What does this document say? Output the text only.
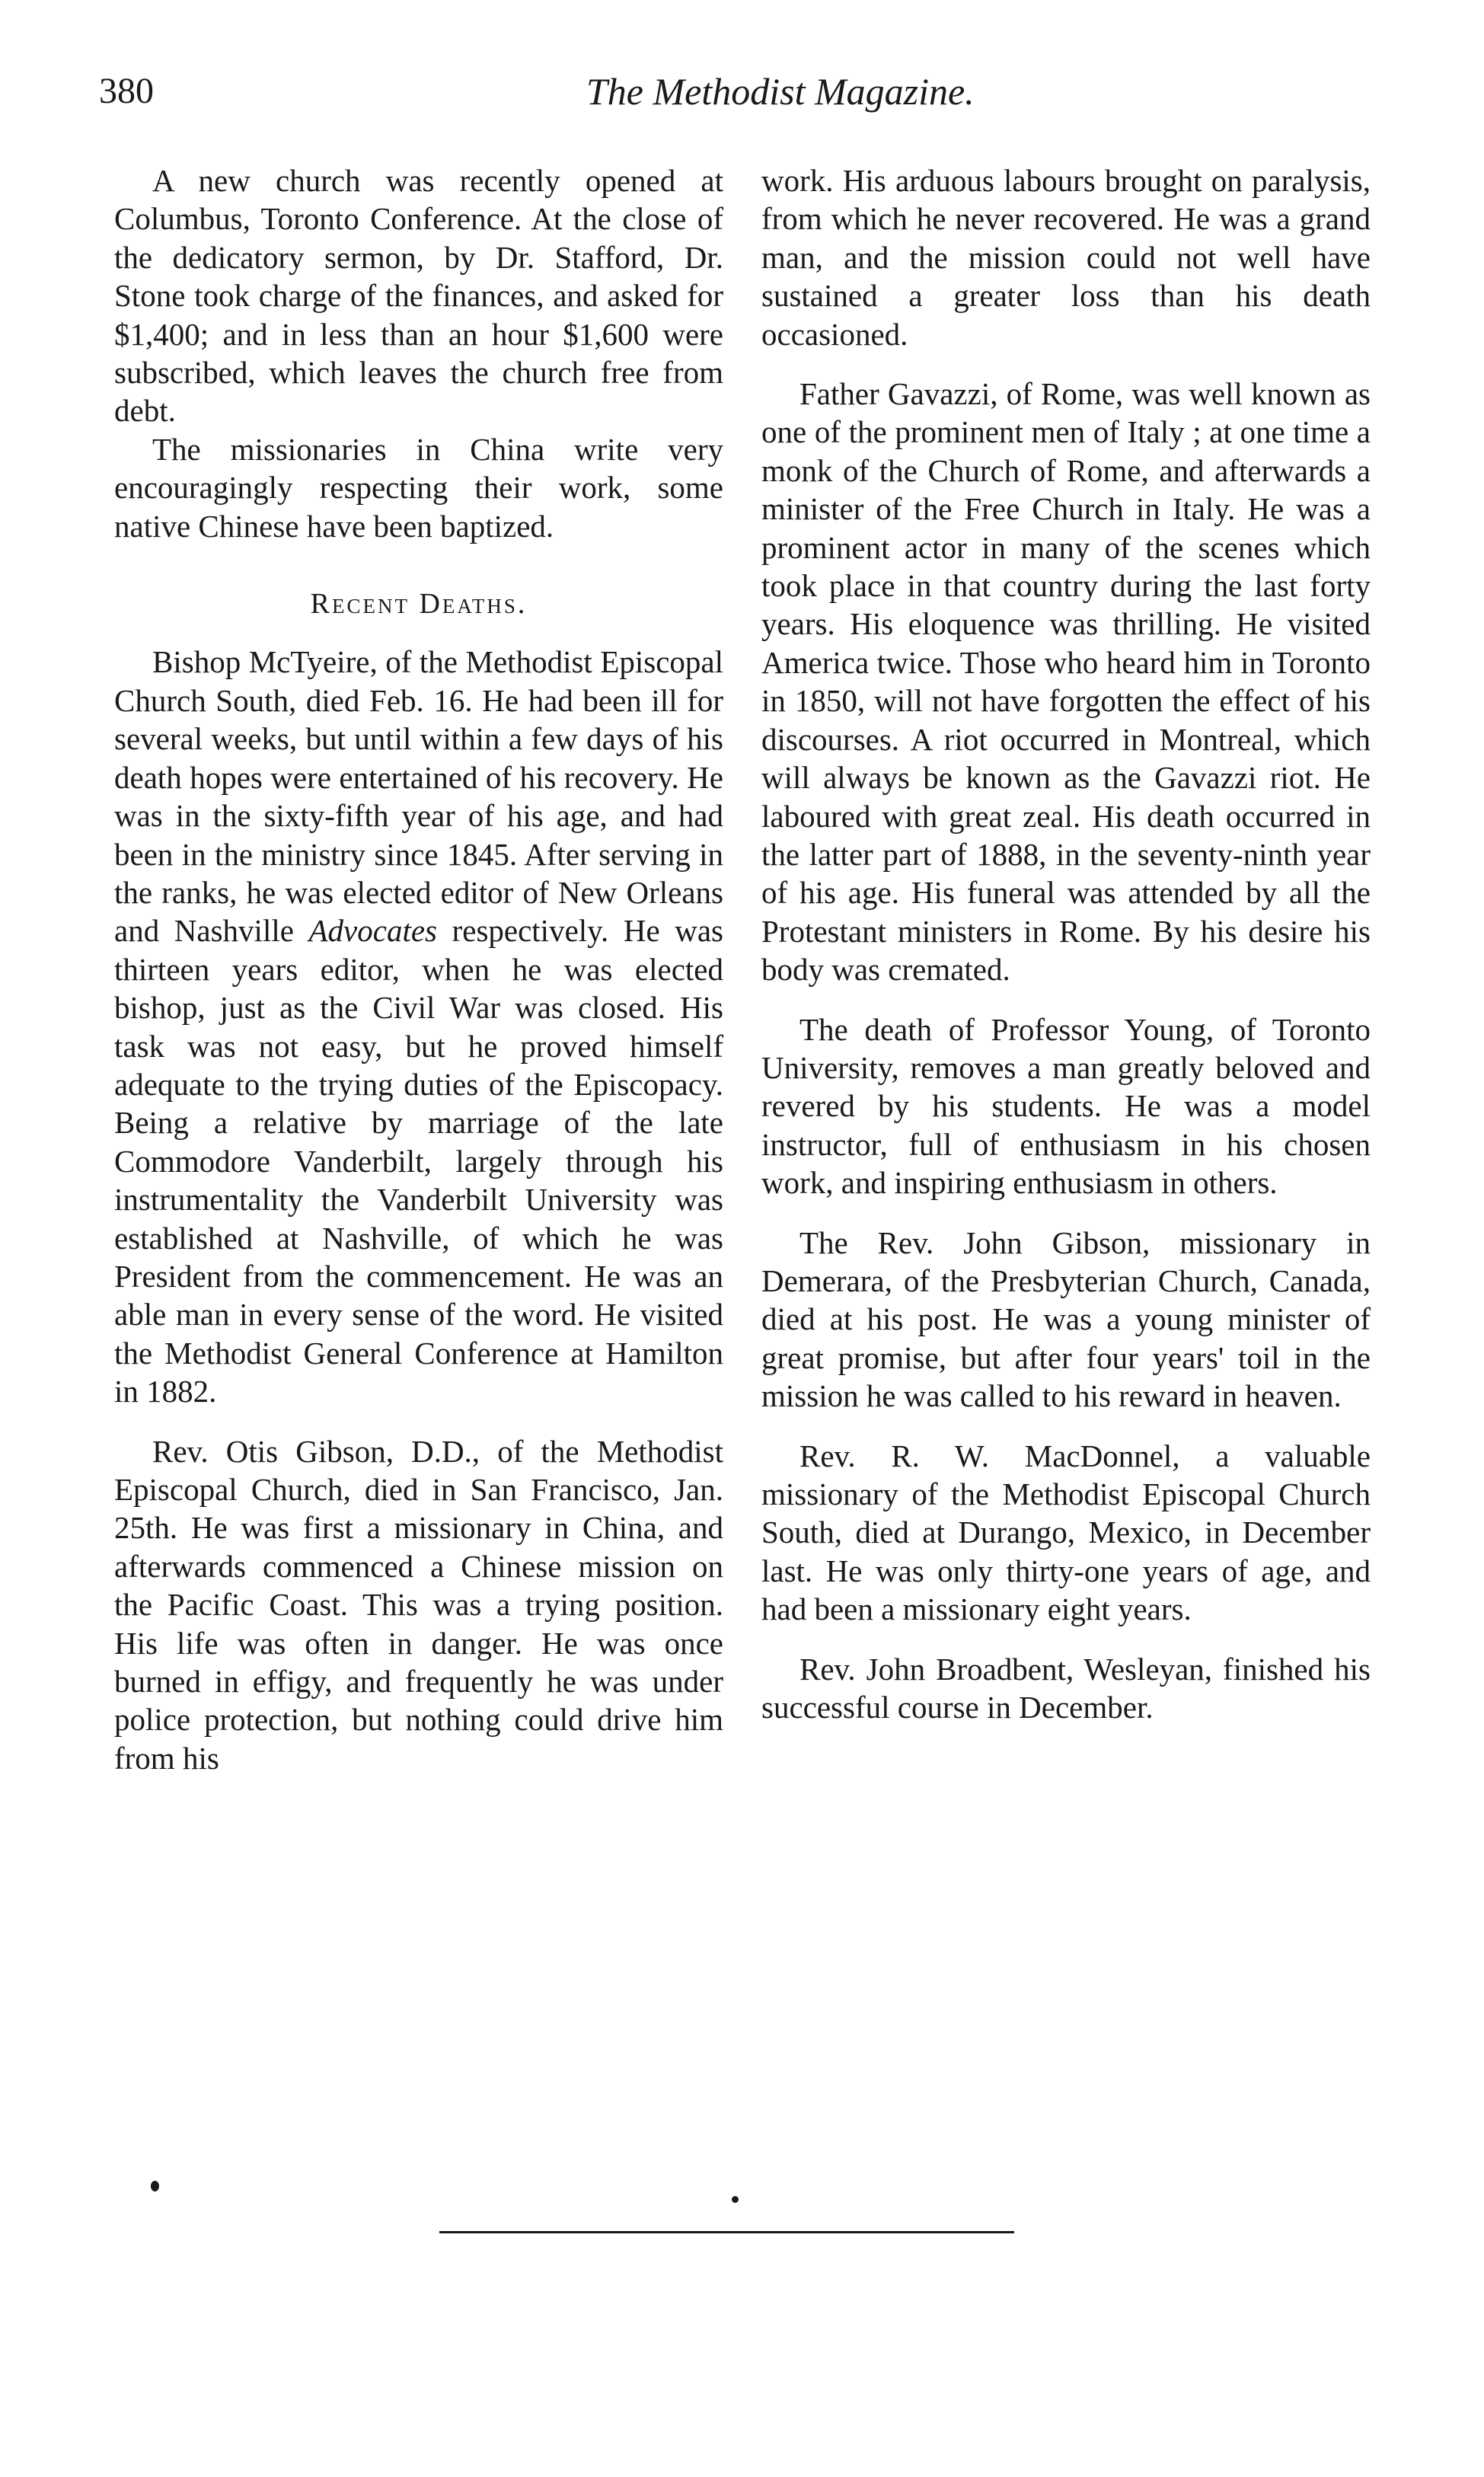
380	The Methodist Magazine.

A new church was recently opened at Columbus, Toronto Conference. At the close of the dedicatory sermon, by Dr. Stafford, Dr. Stone took charge of the finances, and asked for $1,400; and in less than an hour $1,600 were subscribed, which leaves the church free from debt.

The missionaries in China write very encouragingly respecting their work, some native Chinese have been baptized.

Recent Deaths.

Bishop McTyeire, of the Methodist Episcopal Church South, died Feb. 16. He had been ill for several weeks, but until within a few days of his death hopes were entertained of his recovery. He was in the sixty-fifth year of his age, and had been in the ministry since 1845. After serving in the ranks, he was elected editor of New Orleans and Nashville Advocates respectively. He was thirteen years editor, when he was elected bishop, just as the Civil War was closed. His task was not easy, but he proved himself adequate to the trying duties of the Episcopacy. Being a relative by marriage of the late Commodore Vanderbilt, largely through his instrumentality the Vanderbilt University was established at Nashville, of which he was President from the commencement. He was an able man in every sense of the word. He visited the Methodist General Conference at Hamilton in 1882.

Rev. Otis Gibson, D.D., of the Methodist Episcopal Church, died in San Francisco, Jan. 25th. He was first a missionary in China, and afterwards commenced a Chinese mission on the Pacific Coast. This was a trying position. His life was often in danger. He was once burned in effigy, and frequently he was under police protection, but nothing could drive him from his

work. His arduous labours brought on paralysis, from which he never recovered. He was a grand man, and the mission could not well have sustained a greater loss than his death occasioned.

Father Gavazzi, of Rome, was well known as one of the prominent men of Italy ; at one time a monk of the Church of Rome, and afterwards a minister of the Free Church in Italy. He was a prominent actor in many of the scenes which took place in that country during the last forty years. His eloquence was thrilling. He visited America twice. Those who heard him in Toronto in 1850, will not have forgotten the effect of his discourses. A riot occurred in Montreal, which will always be known as the Gavazzi riot. He laboured with great zeal. His death occurred in the latter part of 1888, in the seventy-ninth year of his age. His funeral was attended by all the Protestant ministers in Rome. By his desire his body was cremated.

The death of Professor Young, of Toronto University, removes a man greatly beloved and revered by his students. He was a model instructor, full of enthusiasm in his chosen work, and inspiring enthusiasm in others.

The Rev. John Gibson, missionary in Demerara, of the Presbyterian Church, Canada, died at his post. He was a young minister of great promise, but after four years' toil in the mission he was called to his reward in heaven.

Rev. R. W. MacDonnel, a valuable missionary of the Methodist Episcopal Church South, died at Durango, Mexico, in December last. He was only thirty-one years of age, and had been a missionary eight years.

Rev. John Broadbent, Wesleyan, finished his successful course in December.
